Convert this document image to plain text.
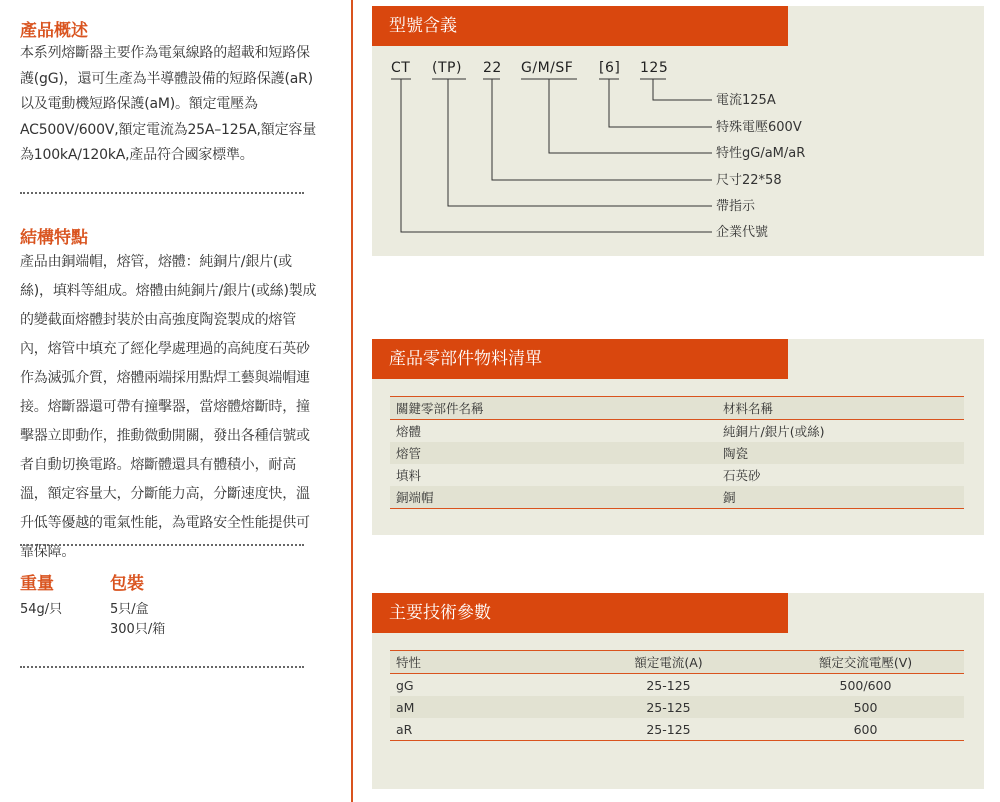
產品概述

本系列熔斷器主要作為電氣線路的超載和短路保護(gG)，還可生產為半導體設備的短路保護(aR)以及電動機短路保護(aM)。額定電壓為AC500V/600V,額定電流為25A–125A,額定容量為100kA/120kA,產品符合國家標準。

結構特點

產品由銅端帽，熔管，熔體：純銅片/銀片(或絲)，填料等組成。熔體由純銅片/銀片(或絲)製成的變截面熔體封裝於由高強度陶瓷製成的熔管內，熔管中填充了經化學處理過的高純度石英砂作為滅弧介質，熔體兩端採用點焊工藝與端帽連接。熔斷器還可帶有撞擊器，當熔體熔斷時，撞擊器立即動作，推動微動開關，發出各種信號或者自動切換電路。熔斷體還具有體積小，耐高溫，額定容量大，分斷能力高，分斷速度快，溫升低等優越的電氣性能，為電路安全性能提供可靠保障。

重量	包裝
54g/只	5只/盒
300只/箱
型號含義
CT (TP) 22 G/M/SF [6] 125
電流125A
特殊電壓600V
特性gG/aM/aR
尺寸22*58
帶指示
企業代號
產品零部件物料清單
關鍵零部件名稱	材料名稱
熔體	純銅片/銀片(或絲)
熔管	陶瓷
填料	石英砂
銅端帽	銅
主要技術參數
特性	額定電流(A)	額定交流電壓(V)
gG	25-125	500/600
aM	25-125	500
aR	25-125	600
